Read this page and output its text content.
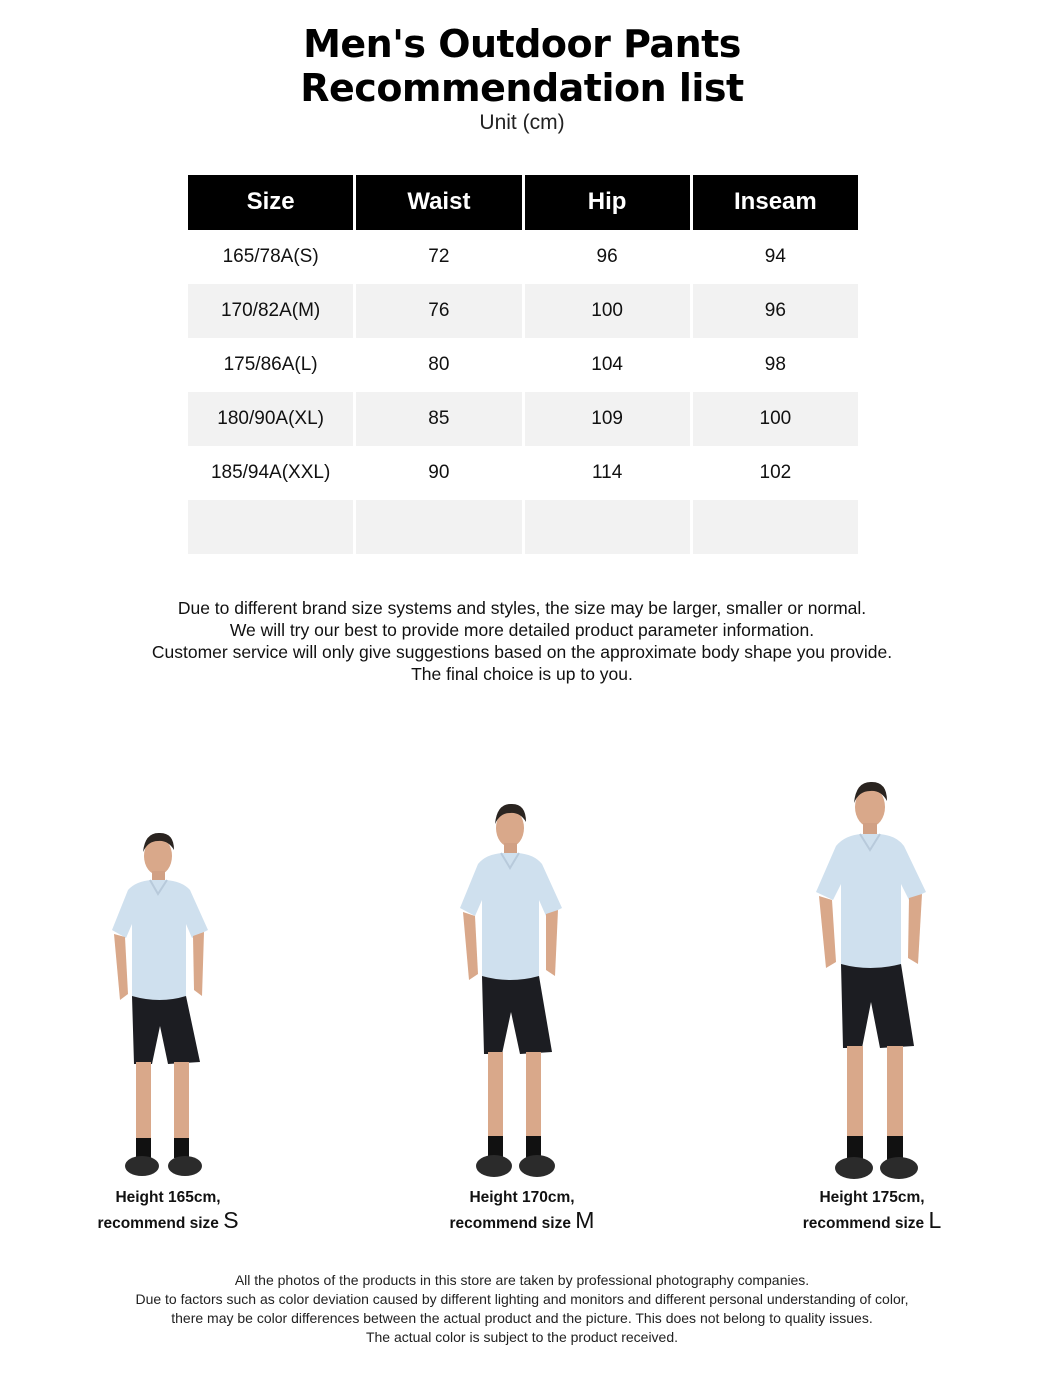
Men's Outdoor Pants
Recommendation list
Unit (cm)
Size	Waist	Hip	Inseam
165/78A(S)	72	96	94
170/82A(M)	76	100	96
175/86A(L)	80	104	98
180/90A(XL)	85	109	100
185/94A(XXL)	90	114	102

Due to different brand size systems and styles, the size may be larger, smaller or normal.
We will try our best to provide more detailed product parameter information.
Customer service will only give suggestions based on the approximate body shape you provide.
The final choice is up to you.
Height 165cm,
recommend size S
Height 170cm,
recommend size M
Height 175cm,
recommend size L
All the photos of the products in this store are taken by professional photography companies.
Due to factors such as color deviation caused by different lighting and monitors and different personal understanding of color,
there may be color differences between the actual product and the picture. This does not belong to quality issues.
The actual color is subject to the product received.
